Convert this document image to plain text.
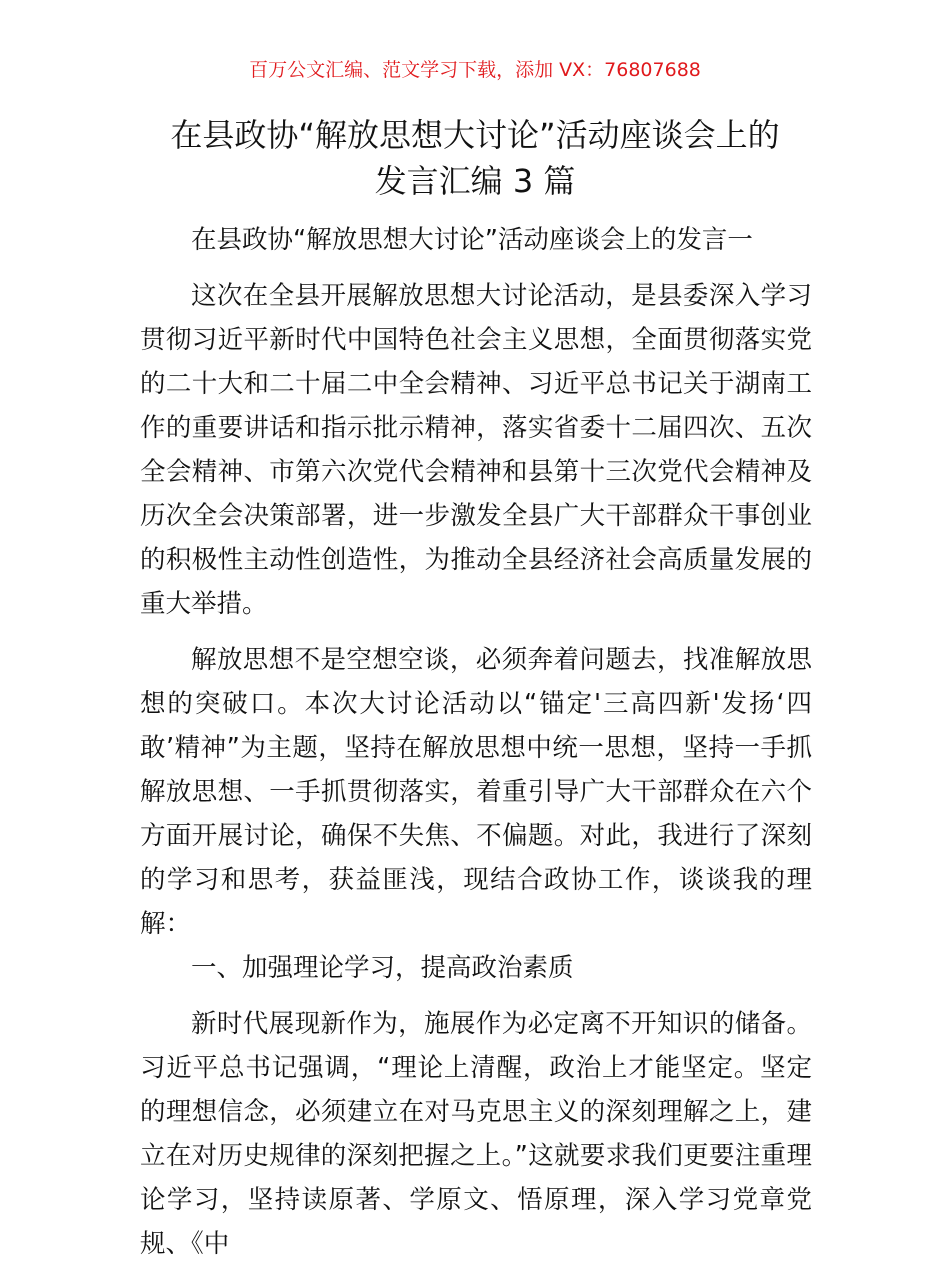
百万公文汇编、范文学习下载，添加 VX：76807688
在县政协“解放思想大讨论”活动座谈会上的
发言汇编 3 篇

在县政协“解放思想大讨论”活动座谈会上的发言一

这次在全县开展解放思想大讨论活动，是县委深入学习贯彻习近平新时代中国特色社会主义思想，全面贯彻落实党的二十大和二十届二中全会精神、习近平总书记关于湖南工作的重要讲话和指示批示精神，落实省委十二届四次、五次全会精神、市第六次党代会精神和县第十三次党代会精神及历次全会决策部署，进一步激发全县广大干部群众干事创业的积极性主动性创造性，为推动全县经济社会高质量发展的重大举措。

解放思想不是空想空谈，必须奔着问题去，找准解放思想的突破口。本次大讨论活动以“锚定'三高四新'发扬‘四敢’精神”为主题，坚持在解放思想中统一思想，坚持一手抓解放思想、一手抓贯彻落实，着重引导广大干部群众在六个方面开展讨论，确保不失焦、不偏题。对此，我进行了深刻的学习和思考，获益匪浅，现结合政协工作，谈谈我的理解：

一、加强理论学习，提高政治素质

新时代展现新作为，施展作为必定离不开知识的储备。习近平总书记强调，“理论上清醒，政治上才能坚定。坚定的理想信念，必须建立在对马克思主义的深刻理解之上，建立在对历史规律的深刻把握之上。”这就要求我们更要注重理论学习，坚持读原著、学原文、悟原理，深入学习党章党规、《中
